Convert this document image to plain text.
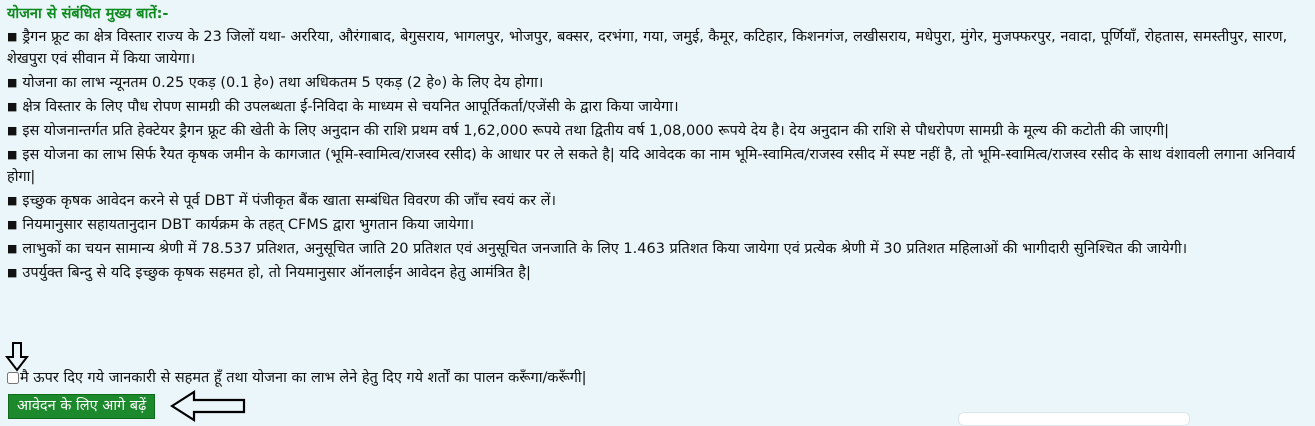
योजना से संबंधित मुख्य बातें:-
■ ड्रैगन फ्रूट का क्षेत्र विस्तार राज्य के 23 जिलों यथा- अररिया, औरंगाबाद, बेगुसराय, भागलपुर, भोजपुर, बक्सर, दरभंगा, गया, जमुई, कैमूर, कटिहार, किशनगंज, लखीसराय, मधेपुरा, मुंगेर, मुजफ्फरपुर, नवादा, पूर्णियाँ, रोहतास, समस्तीपुर, सारण, शेखपुरा एवं सीवान में किया जायेगा।
■ योजना का लाभ न्यूनतम 0.25 एकड़ (0.1 हे०) तथा अधिकतम 5 एकड़ (2 हे०) के लिए देय होगा।
■ क्षेत्र विस्तार के लिए पौध रोपण सामग्री की उपलब्धता ई-निविदा के माध्यम से चयनित आपूर्तिकर्ता/एजेंसी के द्वारा किया जायेगा।
■ इस योजनान्तर्गत प्रति हेक्टेयर ड्रैगन फ्रूट की खेती के लिए अनुदान की राशि प्रथम वर्ष 1,62,000 रूपये तथा द्वितीय वर्ष 1,08,000 रूपये देय है। देय अनुदान की राशि से पौधरोपण सामग्री के मूल्य की कटोती की जाएगी|
■ इस योजना का लाभ सिर्फ रैयत कृषक जमीन के कागजात (भूमि-स्वामित्व/राजस्व रसीद) के आधार पर ले सकते है| यदि आवेदक का नाम भूमि-स्वामित्व/राजस्व रसीद में स्पष्ट नहीं है, तो भूमि-स्वामित्व/राजस्व रसीद के साथ वंशावली लगाना अनिवार्य होगा|
■ इच्छुक कृषक आवेदन करने से पूर्व DBT में पंजीकृत बैंक खाता सम्बंधित विवरण की जाँच स्वयं कर लें।
■ नियमानुसार सहायतानुदान DBT कार्यक्रम के तहत् CFMS द्वारा भुगतान किया जायेगा।
■ लाभुकों का चयन सामान्य श्रेणी में 78.537 प्रतिशत, अनुसूचित जाति 20 प्रतिशत एवं अनुसूचित जनजाति के लिए 1.463 प्रतिशत किया जायेगा एवं प्रत्येक श्रेणी में 30 प्रतिशत महिलाओं की भागीदारी सुनिश्चित की जायेगी।
■ उपर्युक्त बिन्दु से यदि इच्छुक कृषक सहमत हो, तो नियमानुसार ऑनलाईन आवेदन हेतु आमंत्रित है|
मै ऊपर दिए गये जानकारी से सहमत हूँ तथा योजना का लाभ लेने हेतु दिए गये शर्तों का पालन करूँगा/करूँगी|
आवेदन के लिए आगे बढ़ें
